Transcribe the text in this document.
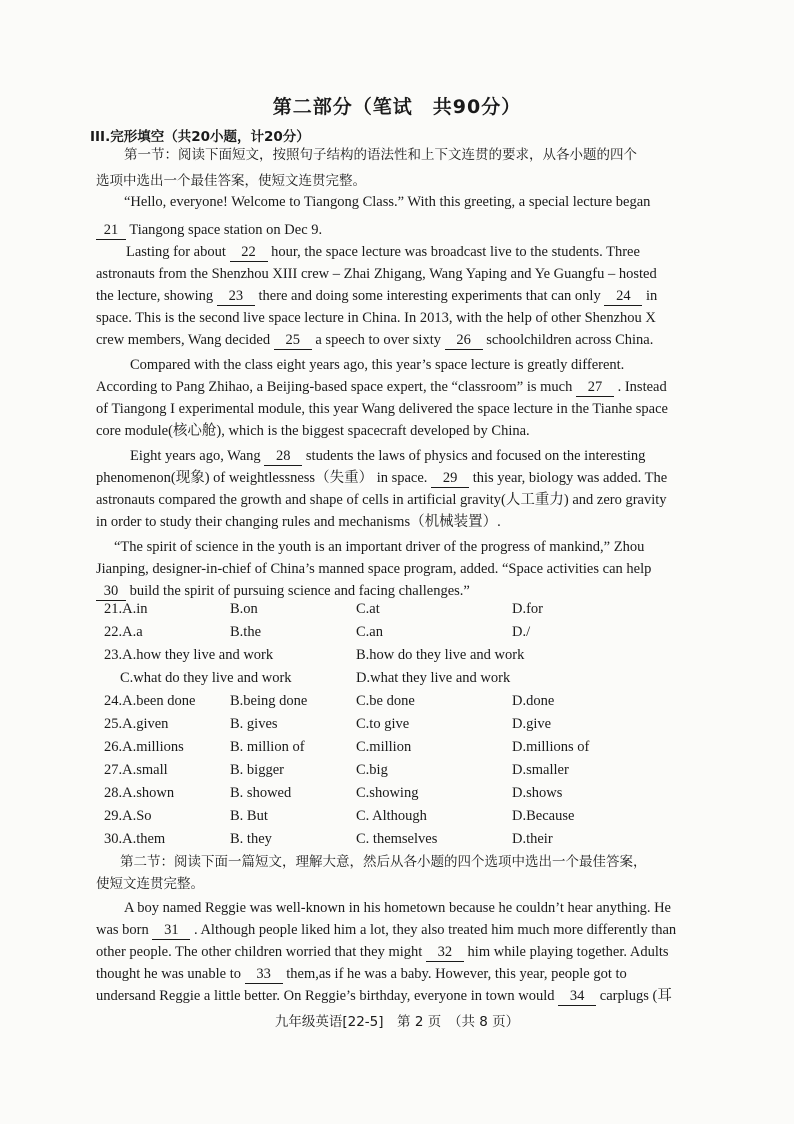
第二部分（笔试　共90分）
III.完形填空（共20小题，计20分）
第一节：阅读下面短文，按照句子结构的语法性和上下文连贯的要求，从各小题的四个
选项中选出一个最佳答案，使短文连贯完整。
“Hello, everyone! Welcome to Tiangong Class.” With this greeting, a special lecture began
21 Tiangong space station on Dec 9.
Lasting for about 22 hour, the space lecture was broadcast live to the students. Three
astronauts from the Shenzhou XIII crew – Zhai Zhigang, Wang Yaping and Ye Guangfu – hosted
the lecture, showing 23 there and doing some interesting experiments that can only 24 in
space. This is the second live space lecture in China. In 2013, with the help of other Shenzhou X
crew members, Wang decided 25 a speech to over sixty 26 schoolchildren across China.
Compared with the class eight years ago, this year’s space lecture is greatly different.
According to Pang Zhihao, a Beijing-based space expert, the “classroom” is much 27 . Instead
of Tiangong I experimental module, this year Wang delivered the space lecture in the Tianhe space
core module(核心舱), which is the biggest spacecraft developed by China.
Eight years ago, Wang 28 students the laws of physics and focused on the interesting
phenomenon(现象) of weightlessness（失重） in space. 29 this year, biology was added. The
astronauts compared the growth and shape of cells in artificial gravity(人工重力) and zero gravity
in order to study their changing rules and mechanisms（机械装置）.
“The spirit of science in the youth is an important driver of the progress of mankind,” Zhou
Jianping, designer-in-chief of China’s manned space program, added. “Space activities can help
30 build the spirit of pursuing science and facing challenges.”
21.A.in	B.on	C.at	D.for
22.A.a	B.the	C.an	D./
23.A.how they live and work	B.how do they live and work
C.what do they live and work	D.what they live and work
24.A.been done B.being done	C.be done	D.done
25.A.given	B. gives	C.to give	D.give
26.A.millions	B. million of	C.million	D.millions of
27.A.small	B. bigger	C.big	D.smaller
28.A.shown	B. showed	C.showing	D.shows
29.A.So	B. But	C. Although	D.Because
30.A.them	B. they	C. themselves	D.their
第二节：阅读下面一篇短文，理解大意，然后从各小题的四个选项中选出一个最佳答案，
使短文连贯完整。
A boy named Reggie was well-known in his hometown because he couldn’t hear anything. He
was born 31 . Although people liked him a lot, they also treated him much more differently than
other people. The other children worried that they might 32 him while playing together. Adults
thought he was unable to 33 them,as if he was a baby. However, this year, people got to
undersand Reggie a little better. On Reggie’s birthday, everyone in town would 34 carplugs (耳
九年级英语[22-5]　第 2 页　（共 8 页）
